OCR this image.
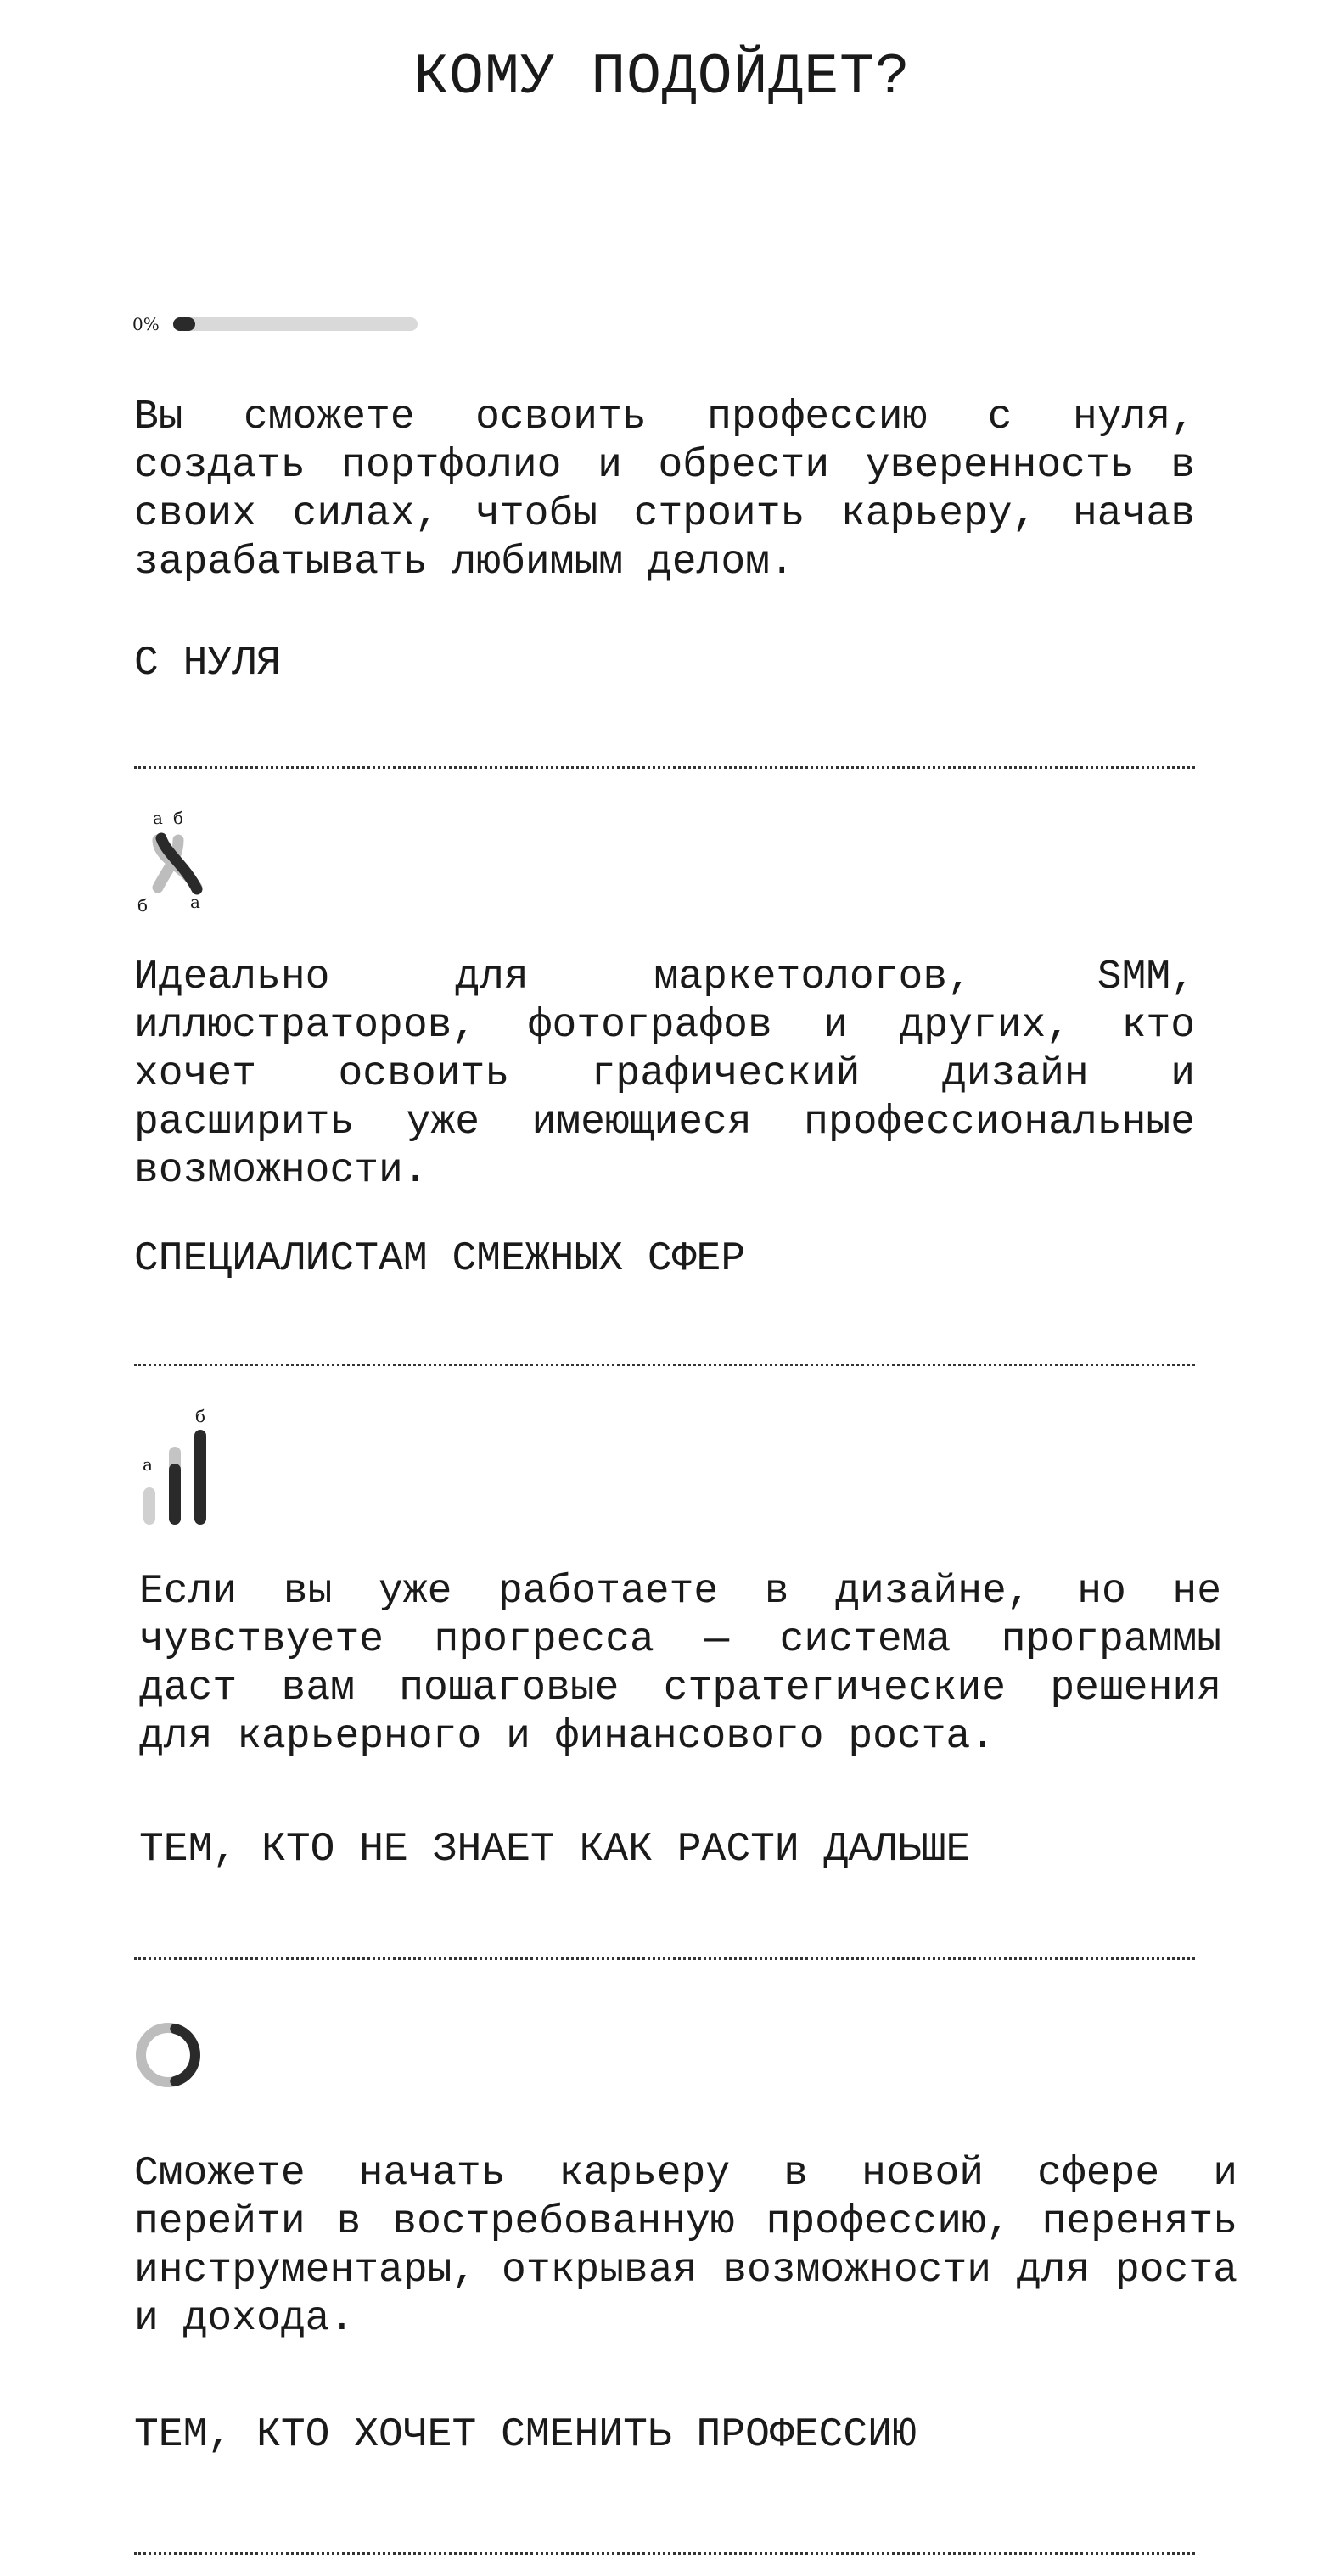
КОМУ ПОДОЙДЕТ?
0%

Вы сможете освоить профессию с нуля, создать портфолио и обрести уверенность в своих силах, чтобы строить карьеру, начав зарабатывать любимым делом.

С НУЛЯ

а б
б а

Идеально для маркетологов, SMM, иллюстраторов, фотографов и других, кто хочет освоить графический дизайн и расширить уже имеющиеся профессиональные возможности.

СПЕЦИАЛИСТАМ СМЕЖНЫХ СФЕР

а
б

Если вы уже работаете в дизайне, но не чувствуете прогресса — система программы даст вам пошаговые стратегические решения для карьерного и финансового роста.

ТЕМ, КТО НЕ ЗНАЕТ КАК РАСТИ ДАЛЬШЕ

Сможете начать карьеру в новой сфере и перейти в востребованную профессию, перенять инструментары, открывая возможности для роста и дохода.

ТЕМ, КТО ХОЧЕТ СМЕНИТЬ ПРОФЕССИЮ
